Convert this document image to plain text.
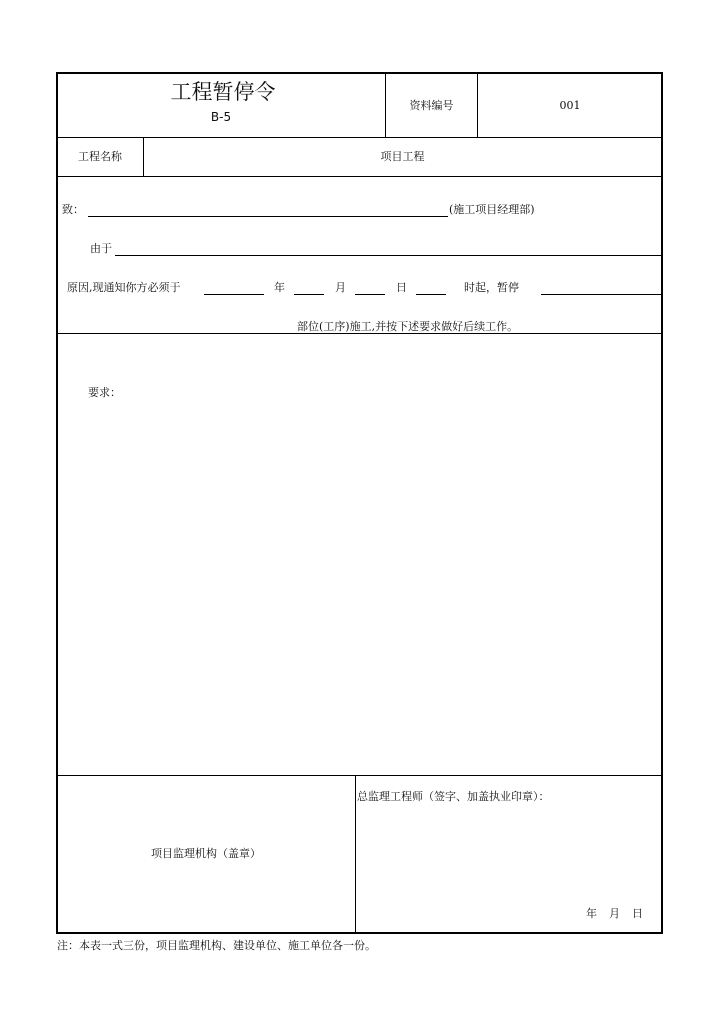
工程暂停令
B-5
资料编号	001
工程名称	项目工程
致：	(施工项目经理部)
由于
原因,现通知你方必须于	年	月	日	时起，暂停
部位(工序)施工,并按下述要求做好后续工作。
要求：
项目监理机构（盖章）
总监理工程师（签字、加盖执业印章）：
年 月 日
注：本表一式三份，项目监理机构、建设单位、施工单位各一份。
